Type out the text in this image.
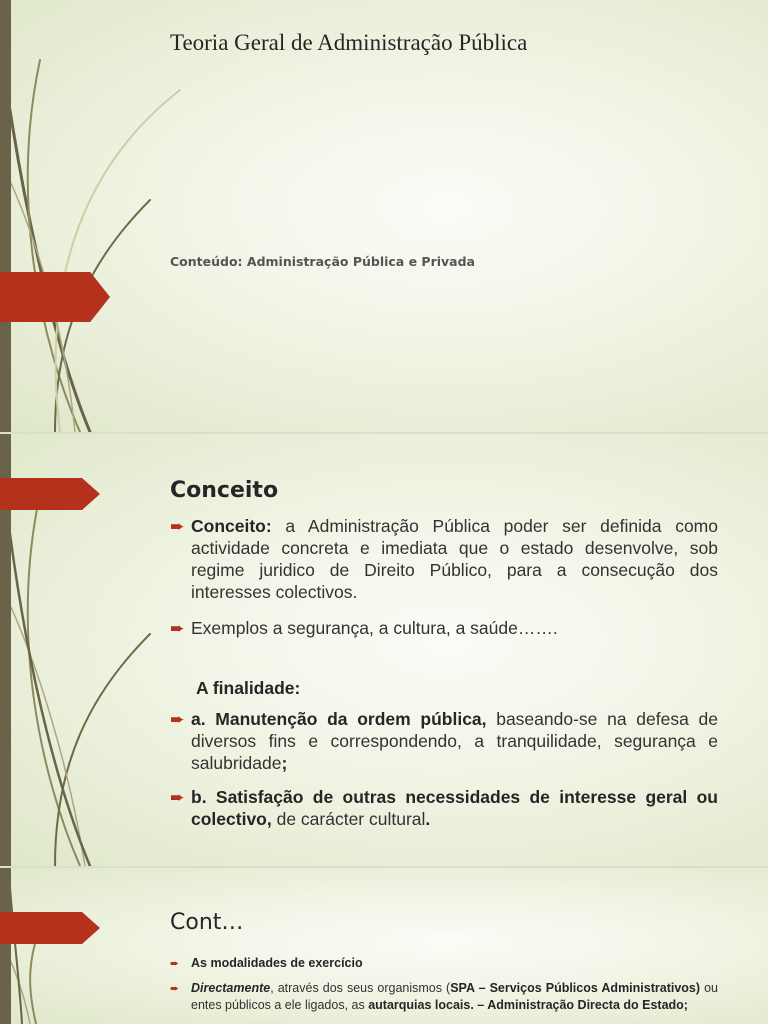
Teoria Geral de Administração Pública
Conteúdo: Administração Pública e Privada
Conceito
➨ Conceito: a Administração Pública poder ser definida como actividade concreta e imediata que o estado desenvolve, sob regime juridico de Direito Público, para a consecução dos interesses colectivos.
➨ Exemplos a segurança, a cultura, a saúde…….
A finalidade:
➨ a. Manutenção da ordem pública, baseando-se na defesa de diversos fins e correspondendo, a tranquilidade, segurança e salubridade;
➨ b. Satisfação de outras necessidades de interesse geral ou colectivo, de carácter cultural.
Cont…
➨ As modalidades de exercício
➨ Directamente, através dos seus organismos (SPA – Serviços Públicos Administrativos) ou entes públicos a ele ligados, as autarquias locais. – Administração Directa do Estado;
